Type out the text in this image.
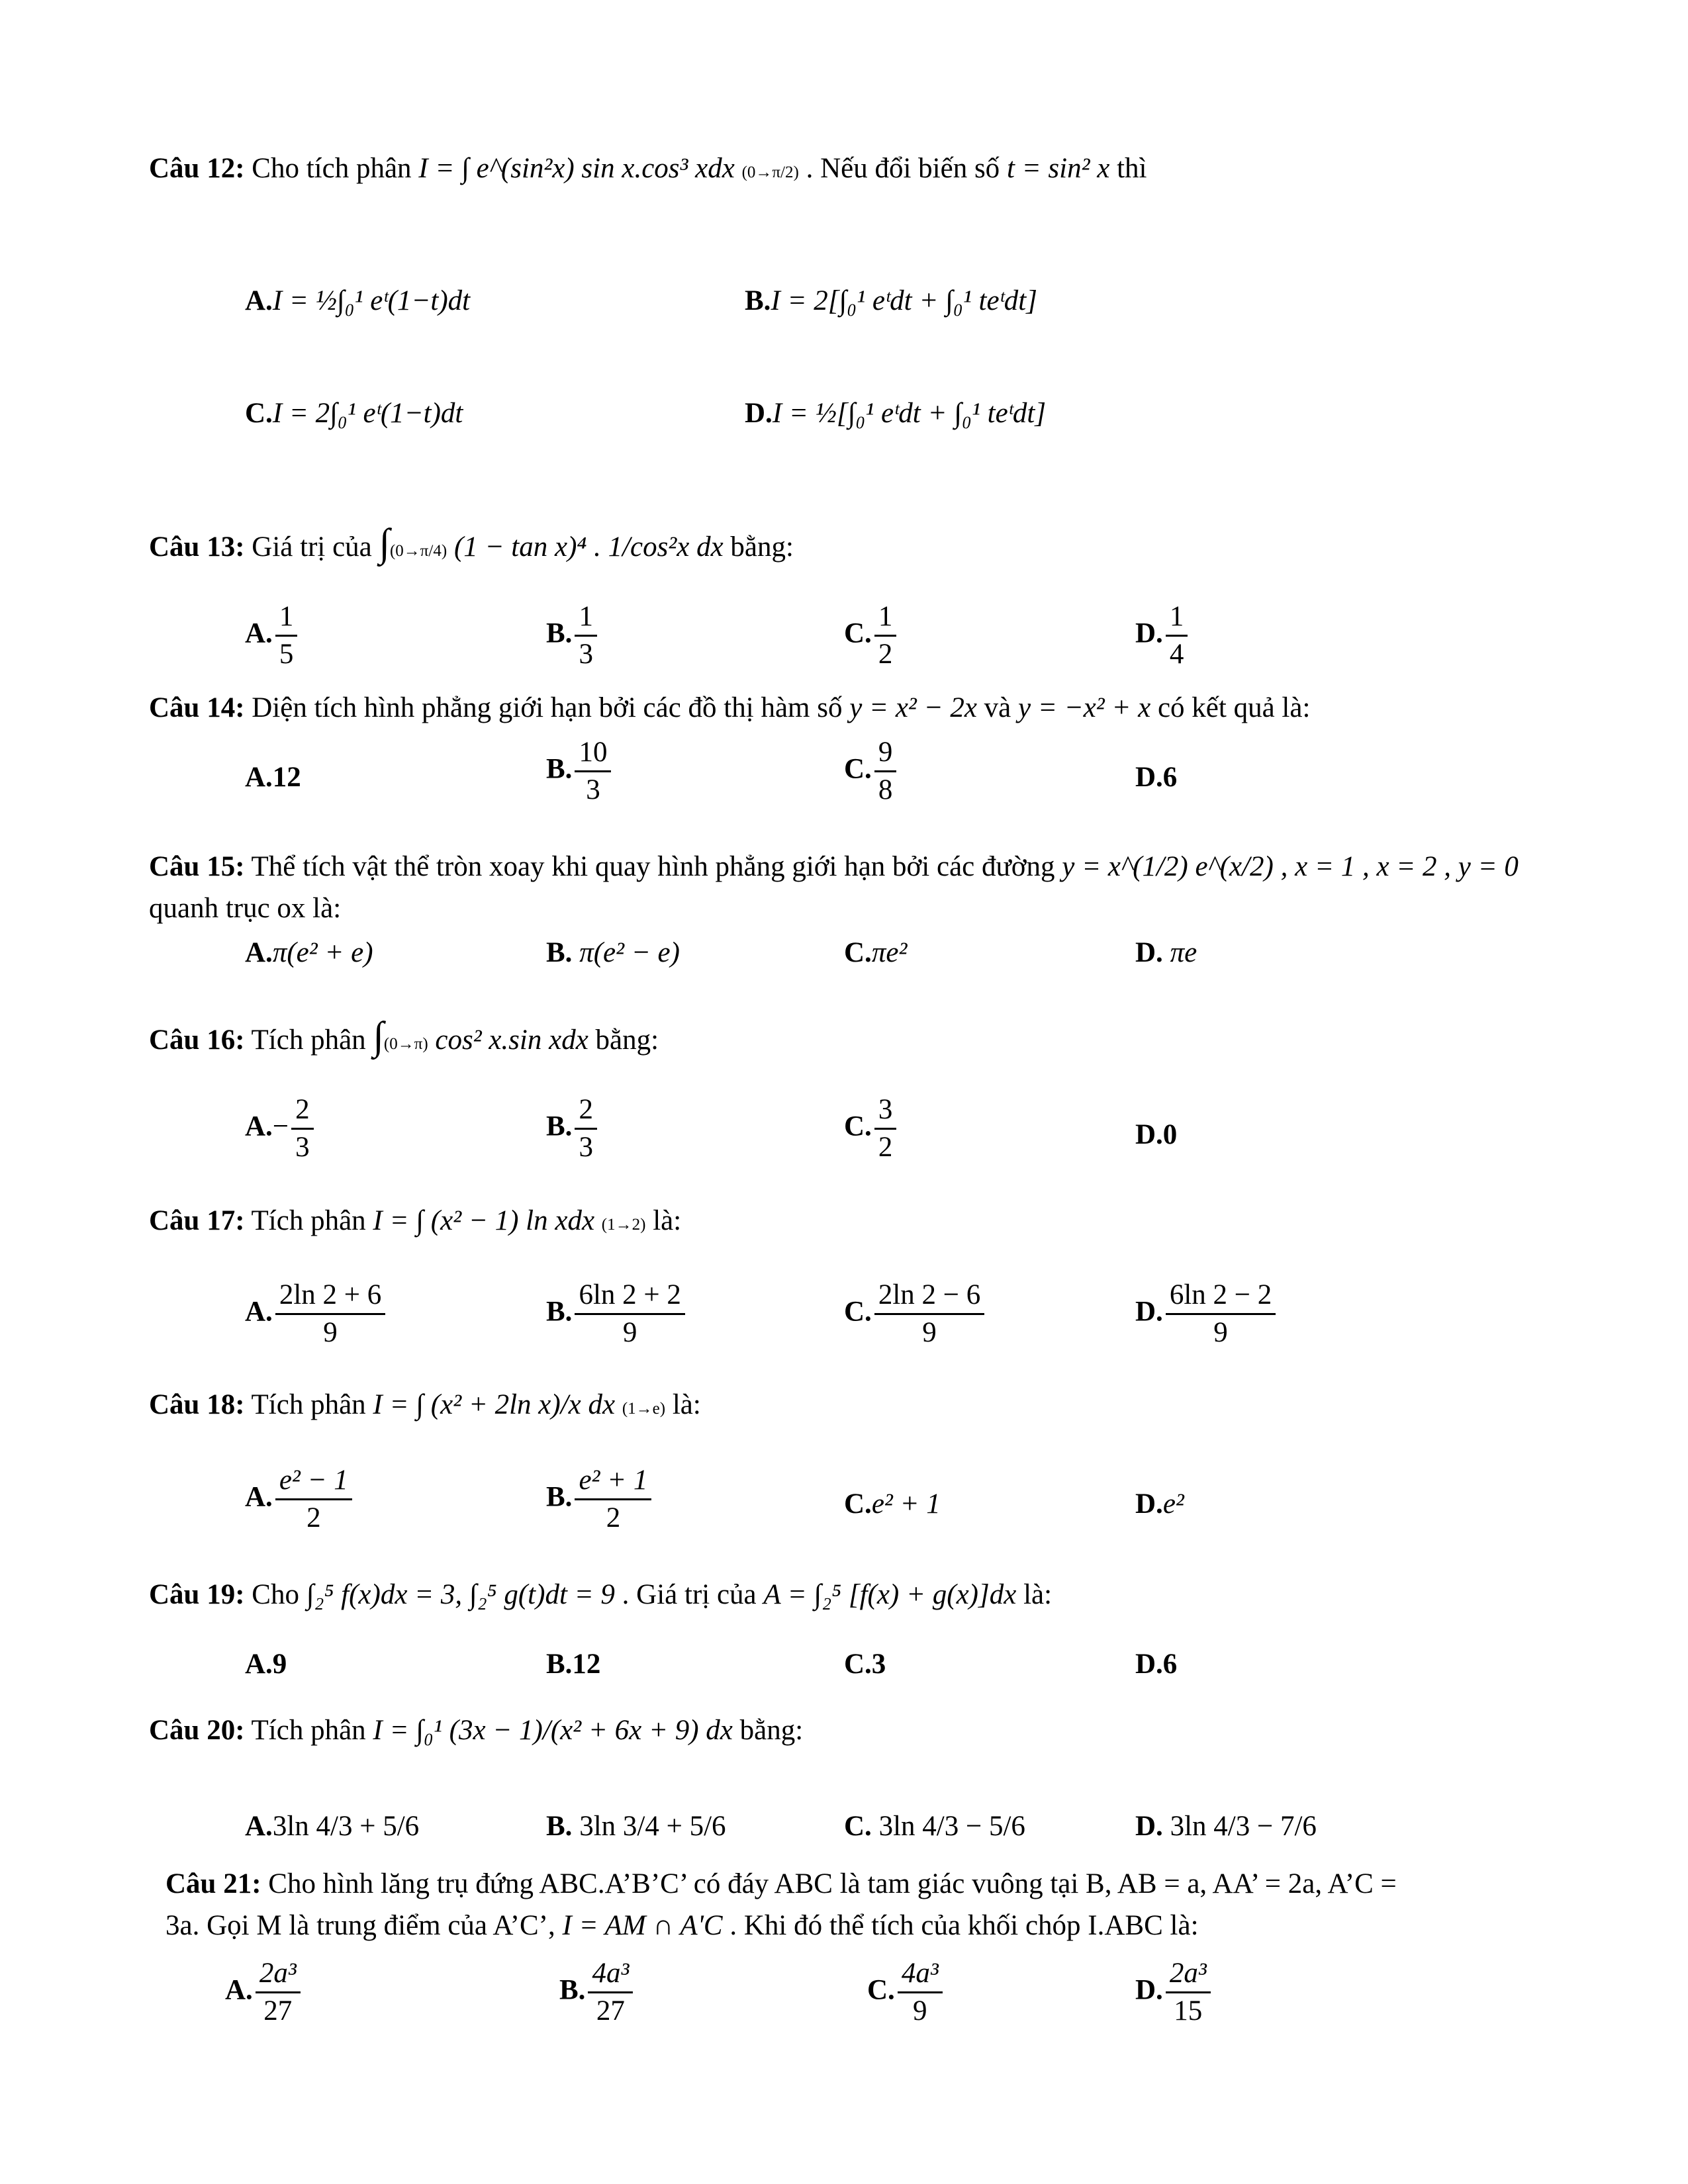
Câu 12: Cho tích phân I = ∫ e^(sin²x) sin x.cos³ xdx (0→π/2) . Nếu đổi biến số t = sin² x thì
A.I = ½∫₀¹ eᵗ(1−t)dt	B.I = 2[∫₀¹ eᵗdt + ∫₀¹ teᵗdt]
C.I = 2∫₀¹ eᵗ(1−t)dt	D.I = ½[∫₀¹ eᵗdt + ∫₀¹ teᵗdt]
Câu 13: Giá trị của ∫(0→π/4) (1 − tan x)⁴ . 1/cos²x dx bằng:
A. $\frac{1}{5}$	B. $\frac{1}{3}$	C. $\frac{1}{2}$	D. $\frac{1}{4}$
Câu 14: Diện tích hình phẳng giới hạn bởi các đồ thị hàm số y = x² − 2x và y = −x² + x có kết quả là:
A.12	B. $\frac{10}{3}$	C. $\frac{9}{8}$	D.6
Câu 15: Thể tích vật thể tròn xoay khi quay hình phẳng giới hạn bởi các đường y = x^(1/2) e^(x/2) , x = 1 , x = 2 , y = 0
quanh trục ox là:
A.π(e² + e)	B. π(e² − e)	C.πe²	D. πe
Câu 16: Tích phân ∫(0→π) cos² x.sin xdx bằng:
$A.- \frac{2}{3}$	B. $\frac{2}{3}$	C. $\frac{3}{2}$	D.0
Câu 17: Tích phân I = ∫ (x² − 1) ln xdx (1→2) là:
A. $\frac{2\ln 2 + 6}{9}$	B. $\frac{6\ln 2 + 2}{9}$	C. $\frac{2\ln 2 - 6}{9}$	D. $\frac{6\ln 2 - 2}{9}$
Câu 18: Tích phân I = ∫ (x² + 2ln x)/x dx (1→e) là:
A. $\frac{\text{e² − 1}}{2}$	B. $\frac{\text{e² + 1}}{2}$	C.e² + 1	D.e²
Câu 19: Cho ∫₂⁵ f(x)dx = 3, ∫₂⁵ g(t)dt = 9 . Giá trị của A = ∫₂⁵ [f(x) + g(x)]dx là:
A.9	B.12	C.3	D.6
Câu 20: Tích phân I = ∫₀¹ (3x − 1)/(x² + 6x + 9) dx bằng:
A.3ln 4/3 + 5/6	B. 3ln 3/4 + 5/6	C. 3ln 4/3 − 5/6	D. 3ln 4/3 − 7/6
Câu 21: Cho hình lăng trụ đứng ABC.A’B’C’ có đáy ABC là tam giác vuông tại B, AB = a, AA’ = 2a, A’C =
3a. Gọi M là trung điểm của A’C’, I = AM ∩ A'C . Khi đó thể tích của khối chóp I.ABC là:
A. $\frac{\text{2a³}}{27}$	B. $\frac{\text{4a³}}{27}$	C. $\frac{\text{4a³}}{9}$	D. $\frac{\text{2a³}}{15}$
